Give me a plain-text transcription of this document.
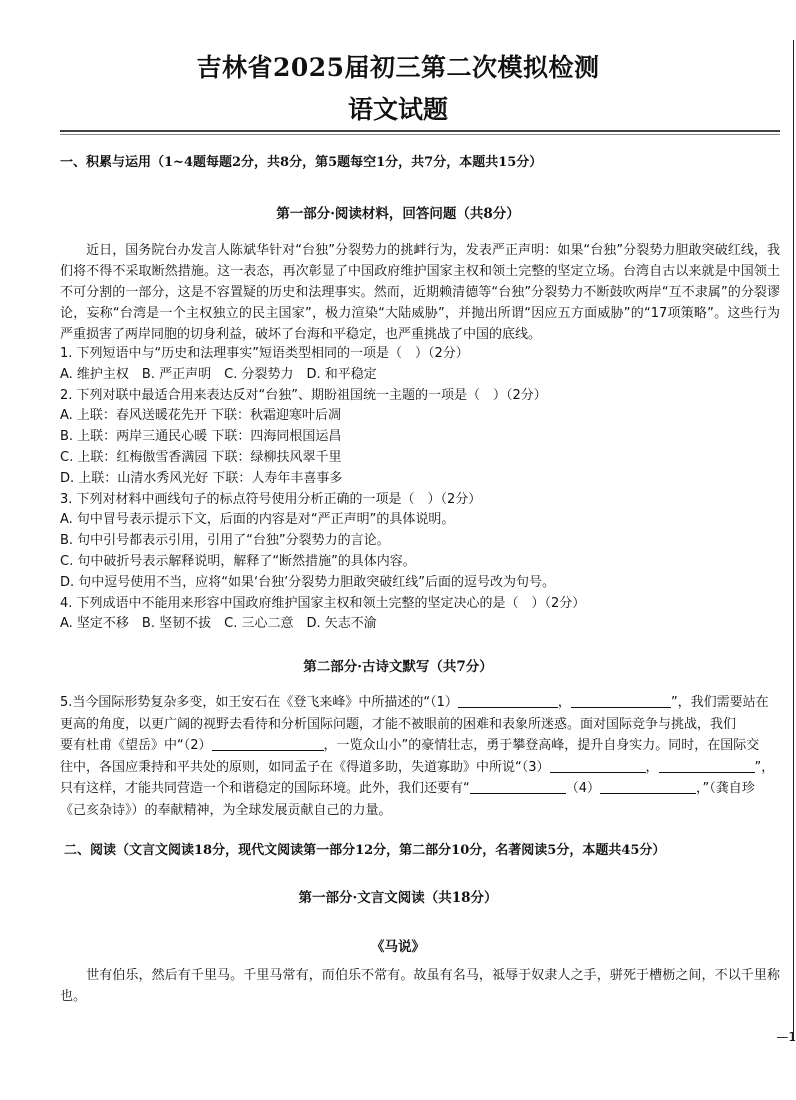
—1
吉林省2025届初三第二次模拟检测
语文试题
一、积累与运用（1~4题每题2分，共8分，第5题每空1分，共7分，本题共15分）
第一部分·阅读材料，回答问题（共8分）
近日，国务院台办发言人陈斌华针对“台独”分裂势力的挑衅行为，发表严正声明：如果“台独”分裂势力胆敢突破红线，我们将不得不采取断然措施。这一表态，再次彰显了中国政府维护国家主权和领土完整的坚定立场。台湾自古以来就是中国领土不可分割的一部分，这是不容置疑的历史和法理事实。然而，近期赖清德等“台独”分裂势力不断鼓吹两岸“互不隶属”的分裂谬论，妄称“台湾是一个主权独立的民主国家”，极力渲染“大陆威胁”，并抛出所谓“因应五方面威胁”的“17项策略”。这些行为严重损害了两岸同胞的切身利益，破坏了台海和平稳定，也严重挑战了中国的底线。
1. 下列短语中与“历史和法理事实”短语类型相同的一项是（　）（2分）
A. 维护主权　B. 严正声明　C. 分裂势力　D. 和平稳定
2. 下列对联中最适合用来表达反对“台独”、期盼祖国统一主题的一项是（　）（2分）
A. 上联：春风送暖花先开 下联：秋霜迎寒叶后凋
B. 上联：两岸三通民心暖 下联：四海同根国运昌
C. 上联：红梅傲雪香满园 下联：绿柳扶风翠千里
D. 上联：山清水秀风光好 下联：人寿年丰喜事多
3. 下列对材料中画线句子的标点符号使用分析正确的一项是（　）（2分）
A. 句中冒号表示提示下文，后面的内容是对“严正声明”的具体说明。
B. 句中引号都表示引用，引用了“台独”分裂势力的言论。
C. 句中破折号表示解释说明，解释了“断然措施”的具体内容。
D. 句中逗号使用不当，应将“如果‘台独’分裂势力胆敢突破红线”后面的逗号改为句号。
4. 下列成语中不能用来形容中国政府维护国家主权和领土完整的坚定决心的是（　）（2分）
A. 坚定不移　B. 坚韧不拔　C. 三心二意　D. 矢志不渝
第二部分·古诗文默写（共7分）
5.当今国际形势复杂多变，如王安石在《登飞来峰》中所描述的“（1）	，	”，我们需要站在
更高的角度，以更广阔的视野去看待和分析国际问题，才能不被眼前的困难和表象所迷惑。面对国际竞争与挑战，我们
要有杜甫《望岳》中“（2）	，一览众山小”的豪情壮志，勇于攀登高峰，提升自身实力。同时，在国际交
往中，各国应秉持和平共处的原则，如同孟子在《得道多助，失道寡助》中所说“（3）	，	”，
只有这样，才能共同营造一个和谐稳定的国际环境。此外，我们还要有“	（4）	，”（龚自珍
《己亥杂诗》）的奉献精神，为全球发展贡献自己的力量。
二、阅读（文言文阅读18分，现代文阅读第一部分12分，第二部分10分，名著阅读5分，本题共45分）
第一部分·文言文阅读（共18分）
《马说》
世有伯乐，然后有千里马。千里马常有，而伯乐不常有。故虽有名马，祗辱于奴隶人之手，骈死于槽枥之间，不以千里称也。
